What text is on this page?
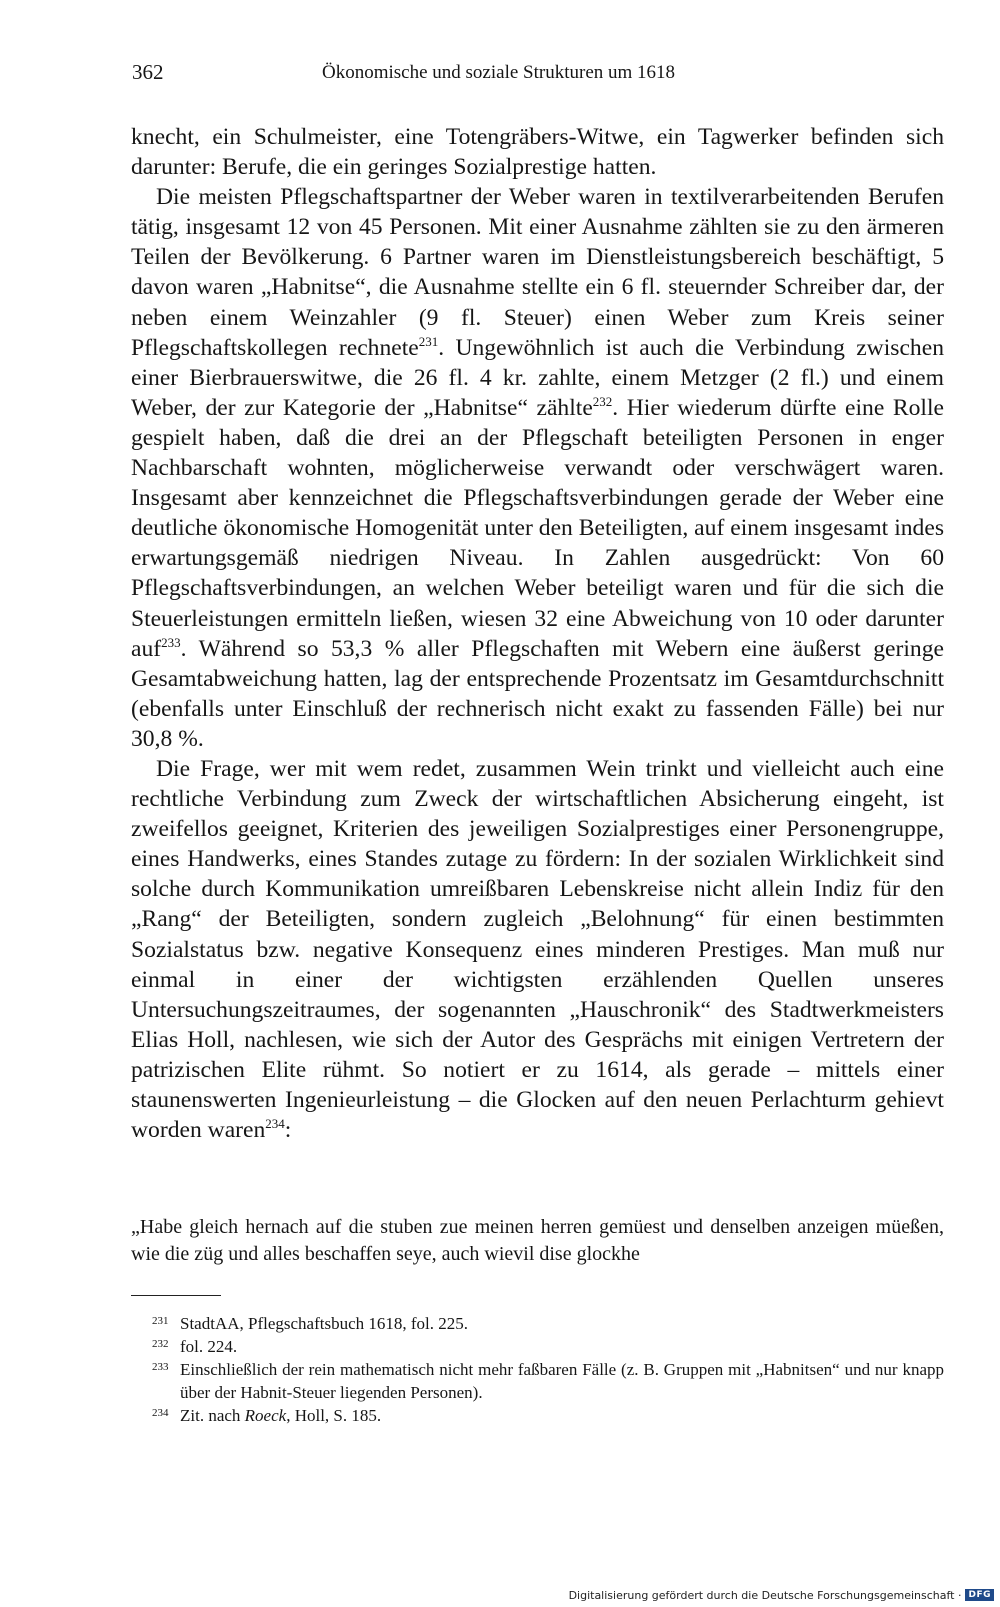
362	Ökonomische und soziale Strukturen um 1618

knecht, ein Schulmeister, eine Totengräbers-Witwe, ein Tagwerker befinden sich darunter: Berufe, die ein geringes Sozialprestige hatten.

Die meisten Pflegschaftspartner der Weber waren in textilverarbeitenden Berufen tätig, insgesamt 12 von 45 Personen. Mit einer Ausnahme zählten sie zu den ärmeren Teilen der Bevölkerung. 6 Partner waren im Dienstleistungsbereich beschäftigt, 5 davon waren „Habnitse“, die Ausnahme stellte ein 6 fl. steuernder Schreiber dar, der neben einem Weinzahler (9 fl. Steuer) einen Weber zum Kreis seiner Pflegschaftskollegen rechnete$^{231}$. Ungewöhnlich ist auch die Verbindung zwischen einer Bierbrauerswitwe, die 26 fl. 4 kr. zahlte, einem Metzger (2 fl.) und einem Weber, der zur Kategorie der „Habnitse“ zählte$^{232}$. Hier wiederum dürfte eine Rolle gespielt haben, daß die drei an der Pflegschaft beteiligten Personen in enger Nachbarschaft wohnten, möglicherweise verwandt oder verschwägert waren. Insgesamt aber kennzeichnet die Pflegschaftsverbindungen gerade der Weber eine deutliche ökonomische Homogenität unter den Beteiligten, auf einem insgesamt indes erwartungsgemäß niedrigen Niveau. In Zahlen ausgedrückt: Von 60 Pflegschaftsverbindungen, an welchen Weber beteiligt waren und für die sich die Steuerleistungen ermitteln ließen, wiesen 32 eine Abweichung von 10 oder darunter auf$^{233}$. Während so 53,3 % aller Pflegschaften mit Webern eine äußerst geringe Gesamtabweichung hatten, lag der entsprechende Prozentsatz im Gesamtdurchschnitt (ebenfalls unter Einschluß der rechnerisch nicht exakt zu fassenden Fälle) bei nur 30,8 %.

Die Frage, wer mit wem redet, zusammen Wein trinkt und vielleicht auch eine rechtliche Verbindung zum Zweck der wirtschaftlichen Absicherung eingeht, ist zweifellos geeignet, Kriterien des jeweiligen Sozialprestiges einer Personengruppe, eines Handwerks, eines Standes zutage zu fördern: In der sozialen Wirklichkeit sind solche durch Kommunikation umreißbaren Lebenskreise nicht allein Indiz für den „Rang“ der Beteiligten, sondern zugleich „Belohnung“ für einen bestimmten Sozialstatus bzw. negative Konsequenz eines minderen Prestiges. Man muß nur einmal in einer der wichtigsten erzählenden Quellen unseres Untersuchungszeitraumes, der sogenannten „Hauschronik“ des Stadtwerkmeisters Elias Holl, nachlesen, wie sich der Autor des Gesprächs mit einigen Vertretern der patrizischen Elite rühmt. So notiert er zu 1614, als gerade – mittels einer staunenswerten Ingenieurleistung – die Glocken auf den neuen Perlachturm gehievt worden waren$^{234}$:

„Habe gleich hernach auf die stuben zue meinen herren gemüest und denselben anzeigen müeßen, wie die züg und alles beschaffen seye, auch wievil dise glockhe
231 StadtAA, Pflegschaftsbuch 1618, fol. 225.
232 fol. 224.
233 Einschließlich der rein mathematisch nicht mehr faßbaren Fälle (z. B. Gruppen mit „Habnitsen“ und nur knapp über der Habnit-Steuer liegenden Personen).
234 Zit. nach Roeck, Holl, S. 185.
Digitalisierung gefördert durch die Deutsche Forschungsgemeinschaft · DFG
